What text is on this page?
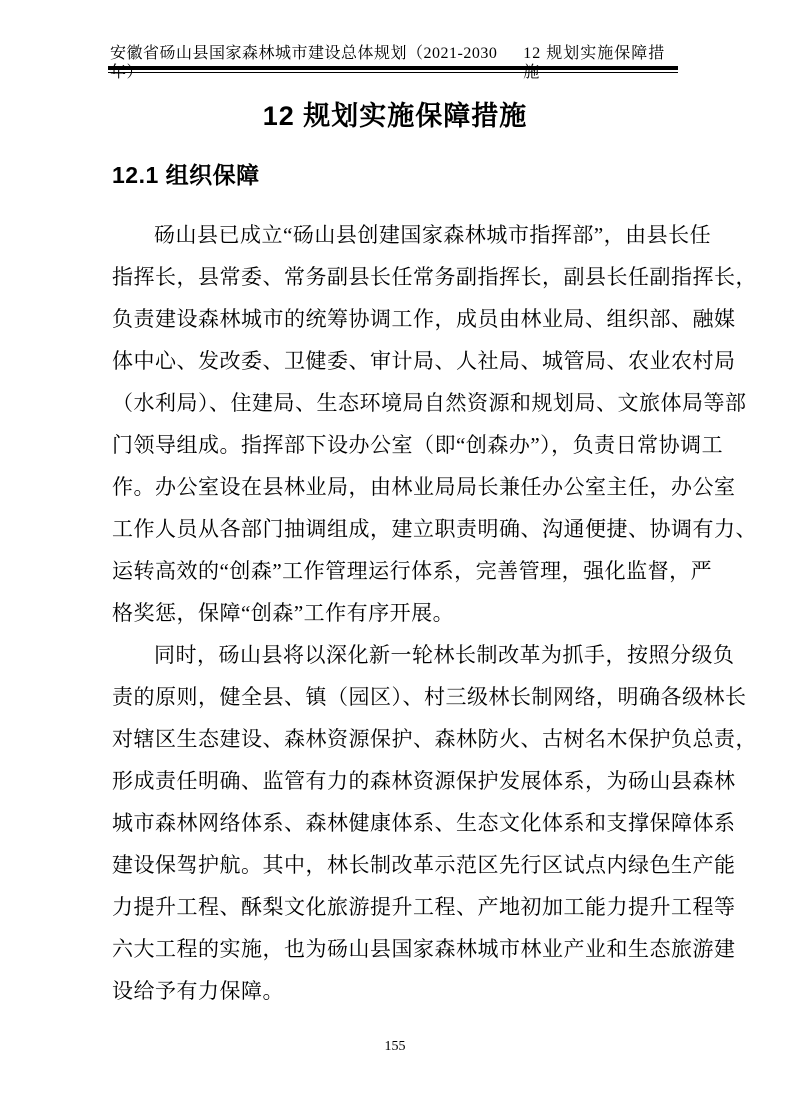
安徽省砀山县国家森林城市建设总体规划（2021-2030 年）
12 规划实施保障措施
12 规划实施保障措施
12.1 组织保障
砀山县已成立“砀山县创建国家森林城市指挥部”，由县长任
指挥长，县常委、常务副县长任常务副指挥长，副县长任副指挥长，
负责建设森林城市的统筹协调工作，成员由林业局、组织部、融媒
体中心、发改委、卫健委、审计局、人社局、城管局、农业农村局
（水利局）、住建局、生态环境局自然资源和规划局、文旅体局等部
门领导组成。指挥部下设办公室（即“创森办”），负责日常协调工
作。办公室设在县林业局，由林业局局长兼任办公室主任，办公室
工作人员从各部门抽调组成，建立职责明确、沟通便捷、协调有力、
运转高效的“创森”工作管理运行体系，完善管理，强化监督，严
格奖惩，保障“创森”工作有序开展。
同时，砀山县将以深化新一轮林长制改革为抓手，按照分级负
责的原则，健全县、镇（园区）、村三级林长制网络，明确各级林长
对辖区生态建设、森林资源保护、森林防火、古树名木保护负总责，
形成责任明确、监管有力的森林资源保护发展体系，为砀山县森林
城市森林网络体系、森林健康体系、生态文化体系和支撑保障体系
建设保驾护航。其中，林长制改革示范区先行区试点内绿色生产能
力提升工程、酥梨文化旅游提升工程、产地初加工能力提升工程等
六大工程的实施，也为砀山县国家森林城市林业产业和生态旅游建
设给予有力保障。
155
